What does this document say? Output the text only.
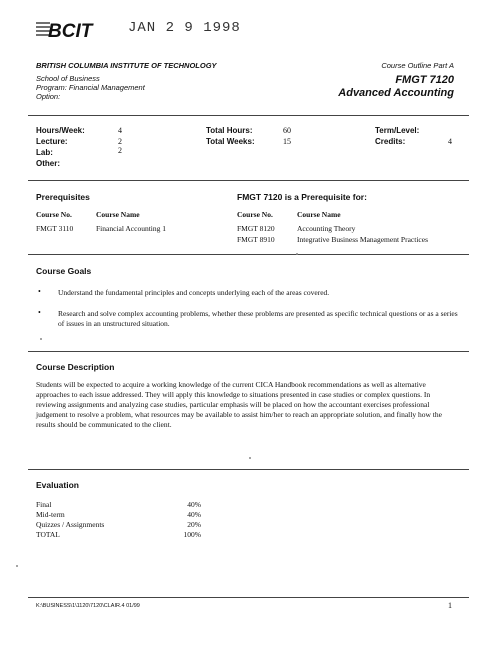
BCIT	JAN 2 9 1998
BRITISH COLUMBIA INSTITUTE OF TECHNOLOGY	Course Outline Part A
School of Business
Program: Financial Management
Option:
FMGT 7120
Advanced Accounting
Hours/Week:	4
Lecture:	2
Lab:	2
Other:
Total Hours:	60
Total Weeks:	15
Term/Level:
Credits:	4
Prerequisites
Course No.	Course Name
FMGT 3110	Financial Accounting 1
FMGT 7120 is a Prerequisite for:
Course No.	Course Name
FMGT 8120	Accounting Theory
FMGT 8910	Integrative Business Management Practices
Course Goals
• Understand the fundamental principles and concepts underlying each of the areas covered.
• Research and solve complex accounting problems, whether these problems are presented as specific technical questions or as a series of issues in an unstructured situation.
Course Description
Students will be expected to acquire a working knowledge of the current CICA Handbook recommendations as well as alternative approaches to each issue addressed. They will apply this knowledge to situations presented in case studies or complex questions. In reviewing assignments and analyzing case studies, particular emphasis will be placed on how the accountant exercises professional judgement to resolve a problem, what resources may be available to assist him/her to reach an appropriate solution, and finally how the results should be communicated to the client.
Evaluation
Final	40%
Mid-term	40%
Quizzes / Assignments	20%
TOTAL	100%
K:\BUSINESS\1\1120\7120\CLAIR.4 01/99	1
